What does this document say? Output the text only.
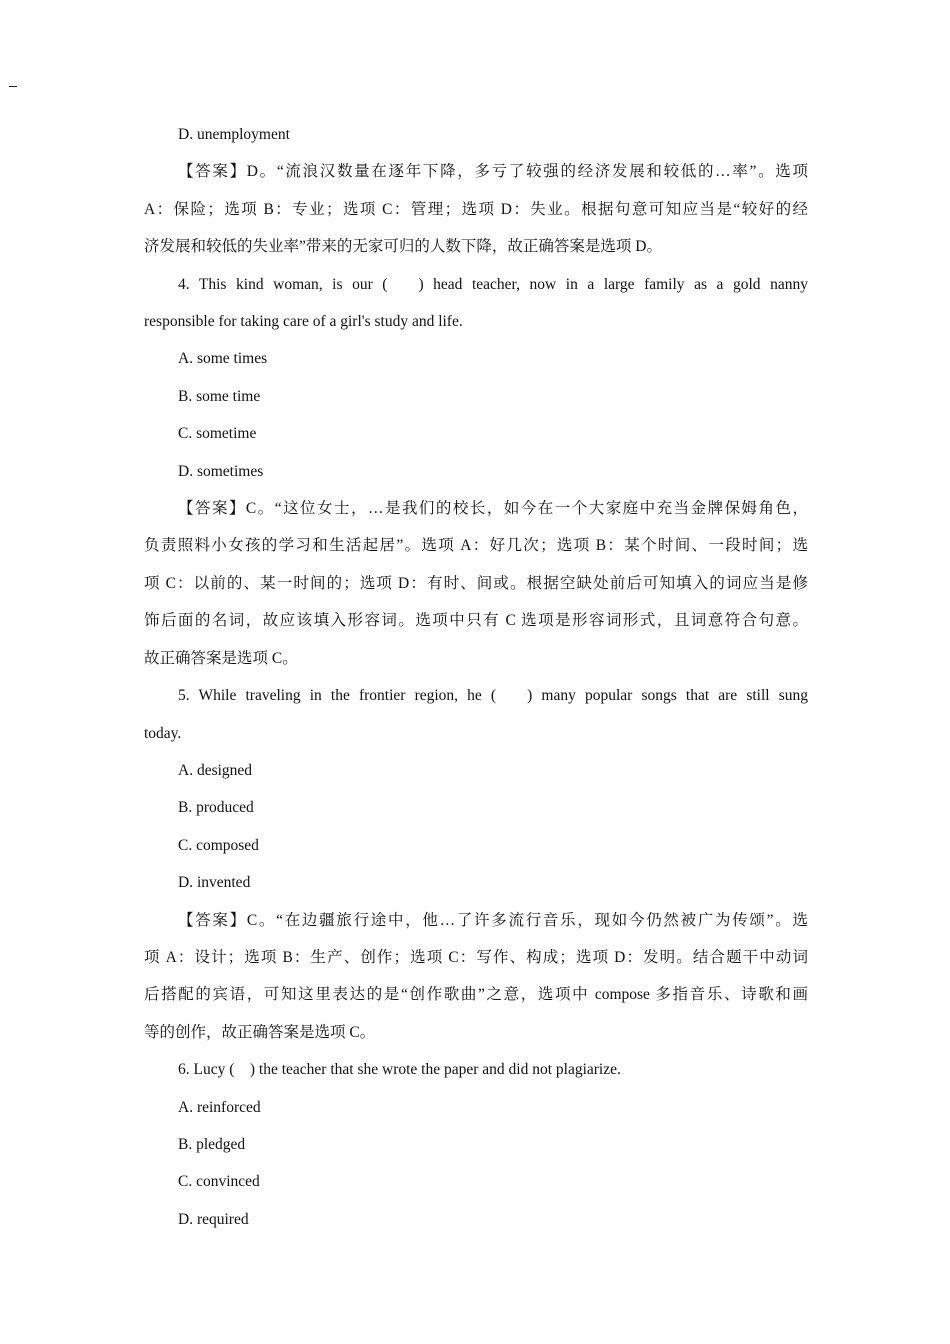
D. unemployment

【答案】D。“流浪汉数量在逐年下降，多亏了较强的经济发展和较低的…率”。选项

A：保险；选项 B：专业；选项 C：管理；选项 D：失业。根据句意可知应当是“较好的经

济发展和较低的失业率”带来的无家可归的人数下降，故正确答案是选项 D。

4. This kind woman, is our (  ) head teacher, now in a large family as a gold nanny

responsible for taking care of a girl's study and life.

A. some times

B. some time

C. sometime

D. sometimes

【答案】C。“这位女士，…是我们的校长，如今在一个大家庭中充当金牌保姆角色，

负责照料小女孩的学习和生活起居”。选项 A：好几次；选项 B：某个时间、一段时间；选

项 C：以前的、某一时间的；选项 D：有时、间或。根据空缺处前后可知填入的词应当是修

饰后面的名词，故应该填入形容词。选项中只有 C 选项是形容词形式，且词意符合句意。

故正确答案是选项 C。

5. While traveling in the frontier region, he (  ) many popular songs that are still sung

today.

A. designed

B. produced

C. composed

D. invented

【答案】C。“在边疆旅行途中，他…了许多流行音乐，现如今仍然被广为传颂”。选

项 A：设计；选项 B：生产、创作；选项 C：写作、构成；选项 D：发明。结合题干中动词

后搭配的宾语，可知这里表达的是“创作歌曲”之意，选项中 compose 多指音乐、诗歌和画

等的创作，故正确答案是选项 C。

6. Lucy (  ) the teacher that she wrote the paper and did not plagiarize.

A. reinforced

B. pledged

C. convinced

D. required
